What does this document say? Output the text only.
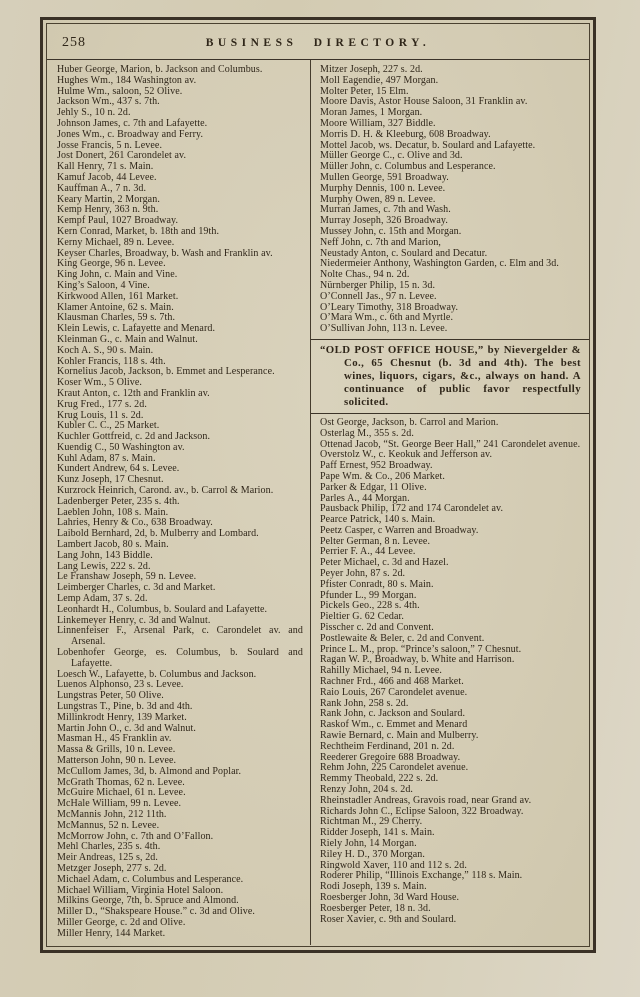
258	BUSINESS DIRECTORY.
Huber George, Marion, b. Jackson and Columbus.
Hughes Wm., 184 Washington av.
Hulme Wm., saloon, 52 Olive.
Jackson Wm., 437 s. 7th.
Jehly S., 10 n. 2d.
Johnson James, c. 7th and Lafayette.
Jones Wm., c. Broadway and Ferry.
Josse Francis, 5 n. Levee.
Jost Donert, 261 Carondelet av.
Kall Henry, 71 s. Main.
Kamuf Jacob, 44 Levee.
Kauffman A., 7 n. 3d.
Keary Martin, 2 Morgan.
Kemp Henry, 363 n. 9th.
Kempf Paul, 1027 Broadway.
Kern Conrad, Market, b. 18th and 19th.
Kerny Michael, 89 n. Levee.
Keyser Charles, Broadway, b. Wash and Franklin av.
King George, 96 n. Levee.
King John, c. Main and Vine.
King’s Saloon, 4 Vine.
Kirkwood Allen, 161 Market.
Klamer Antoine, 62 s. Main.
Klausman Charles, 59 s. 7th.
Klein Lewis, c. Lafayette and Menard.
Kleinman G., c. Main and Walnut.
Koch A. S., 90 s. Main.
Kohler Francis, 118 s. 4th.
Kornelius Jacob, Jackson, b. Emmet and Lesperance.
Koser Wm., 5 Olive.
Kraut Anton, c. 12th and Franklin av.
Krug Fred., 177 s. 2d.
Krug Louis, 11 s. 2d.
Kubler C. C., 25 Market.
Kuchler Gottfreid, c. 2d and Jackson.
Kuendig C., 50 Washington av.
Kuhl Adam, 87 s. Main.
Kundert Andrew, 64 s. Levee.
Kunz Joseph, 17 Chesnut.
Kurzrock Heinrich, Carond. av., b. Carrol & Marion.
Ladenberger Peter, 235 s. 4th.
Laeblen John, 108 s. Main.
Lahries, Henry & Co., 638 Broadway.
Laibold Bernhard, 2d, b. Mulberry and Lombard.
Lambert Jacob, 80 s. Main.
Lang John, 143 Biddle.
Lang Lewis, 222 s. 2d.
Le Franshaw Joseph, 59 n. Levee.
Leimberger Charles, c. 3d and Market.
Lemp Adam, 37 s. 2d.
Leonhardt H., Columbus, b. Soulard and Lafayette.
Linkemeyer Henry, c. 3d and Walnut.
Linnenfeiser F., Arsenal Park, c. Carondelet av. and Arsenal.
Lobenhofer George, es. Columbus, b. Soulard and Lafayette.
Loesch W., Lafayette, b. Columbus and Jackson.
Luenos Alphonso, 23 s. Levee.
Lungstras Peter, 50 Olive.
Lungstras T., Pine, b. 3d and 4th.
Millinkrodt Henry, 139 Market.
Martin John O., c. 3d and Walnut.
Masman H., 45 Franklin av.
Massa & Grills, 10 n. Levee.
Matterson John, 90 n. Levee.
McCullom James, 3d, b. Almond and Poplar.
McGrath Thomas, 62 n. Levee.
McGuire Michael, 61 n. Levee.
McHale William, 99 n. Levee.
McMannis John, 212 11th.
McMannus, 52 n. Levee.
McMorrow John, c. 7th and O’Fallon.
Mehl Charles, 235 s. 4th.
Meir Andreas, 125 s, 2d.
Metzger Joseph, 277 s. 2d.
Michael Adam, c. Columbus and Lesperance.
Michael William, Virginia Hotel Saloon.
Milkins George, 7th, b. Spruce and Almond.
Miller D., “Shakspeare House.” c. 3d and Olive.
Miller George, c. 2d and Olive.
Miller Henry, 144 Market.
Mitzer Joseph, 227 s. 2d.
Moll Eagendie, 497 Morgan.
Molter Peter, 15 Elm.
Moore Davis, Astor House Saloon, 31 Franklin av.
Moran James, 1 Morgan.
Moore William, 327 Biddle.
Morris D. H. & Kleeburg, 608 Broadway.
Mottel Jacob, ws. Decatur, b. Soulard and Lafayette.
Müller George C., c. Olive and 3d.
Müller John, c. Columbus and Lesperance.
Mullen George, 591 Broadway.
Murphy Dennis, 100 n. Levee.
Murphy Owen, 89 n. Levee.
Murran James, c. 7th and Wash.
Murray Joseph, 326 Broadway.
Mussey John, c. 15th and Morgan.
Neff John, c. 7th and Marion,
Neustady Anton, c. Soulard and Decatur.
Niedermeier Anthony, Washington Garden, c. Elm and 3d.
Nolte Chas., 94 n. 2d.
Nürnberger Philip, 15 n. 3d.
O’Connell Jas., 97 n. Levee.
O’Leary Timothy, 318 Broadway.
O’Mara Wm., c. 6th and Myrtle.
O’Sullivan John, 113 n. Levee.

“OLD POST OFFICE HOUSE,” by Nievergelder & Co., 65 Chesnut (b. 3d and 4th). The best wines, liquors, cigars, &c., always on hand. A continuance of public favor respectfully solicited.

Ost George, Jackson, b. Carrol and Marion.
Osterlag M., 355 s. 2d.
Ottenad Jacob, “St. George Beer Hall,” 241 Carondelet avenue.
Overstolz W., c. Keokuk and Jefferson av.
Paff Ernest, 952 Broadway.
Pape Wm. & Co., 206 Market.
Parker & Edgar, 11 Olive.
Parles A., 44 Morgan.
Pausback Philip, 172 and 174 Carondelet av.
Pearce Patrick, 140 s. Main.
Peetz Casper, c Warren and Broadway.
Pelter German, 8 n. Levee.
Perrier F. A., 44 Levee.
Peter Michael, c. 3d and Hazel.
Peyer John, 87 s. 2d.
Pfister Conradt, 80 s. Main.
Pfunder L., 99 Morgan.
Pickels Geo., 228 s. 4th.
Pieltier G. 62 Cedar.
Pisscher c. 2d and Convent.
Postlewaite & Beler, c. 2d and Convent.
Prince L. M., prop. “Prince’s saloon,” 7 Chesnut.
Ragan W. P., Broadway, b. White and Harrison.
Rahilly Michael, 94 n. Levee.
Rachner Frd., 466 and 468 Market.
Raio Louis, 267 Carondelet avenue.
Rank John, 258 s. 2d.
Rank John, c. Jackson and Soulard.
Raskof Wm., c. Emmet and Menard
Rawie Bernard, c. Main and Mulberry.
Rechtheim Ferdinand, 201 n. 2d.
Reederer Gregoire 688 Broadway.
Rehm John, 225 Carondelet avenue.
Remmy Theobald, 222 s. 2d.
Renzy John, 204 s. 2d.
Rheinstadler Andreas, Gravois road, near Grand av.
Richards John C., Eclipse Saloon, 322 Broadway.
Richtman M., 29 Cherry.
Ridder Joseph, 141 s. Main.
Riely John, 14 Morgan.
Riley H. D., 370 Morgan.
Ringwold Xaver, 110 and 112 s. 2d.
Roderer Philip, “Illinois Exchange,” 118 s. Main.
Rodi Joseph, 139 s. Main.
Roesberger John, 3d Ward House.
Roesberger Peter, 18 n. 3d.
Roser Xavier, c. 9th and Soulard.
